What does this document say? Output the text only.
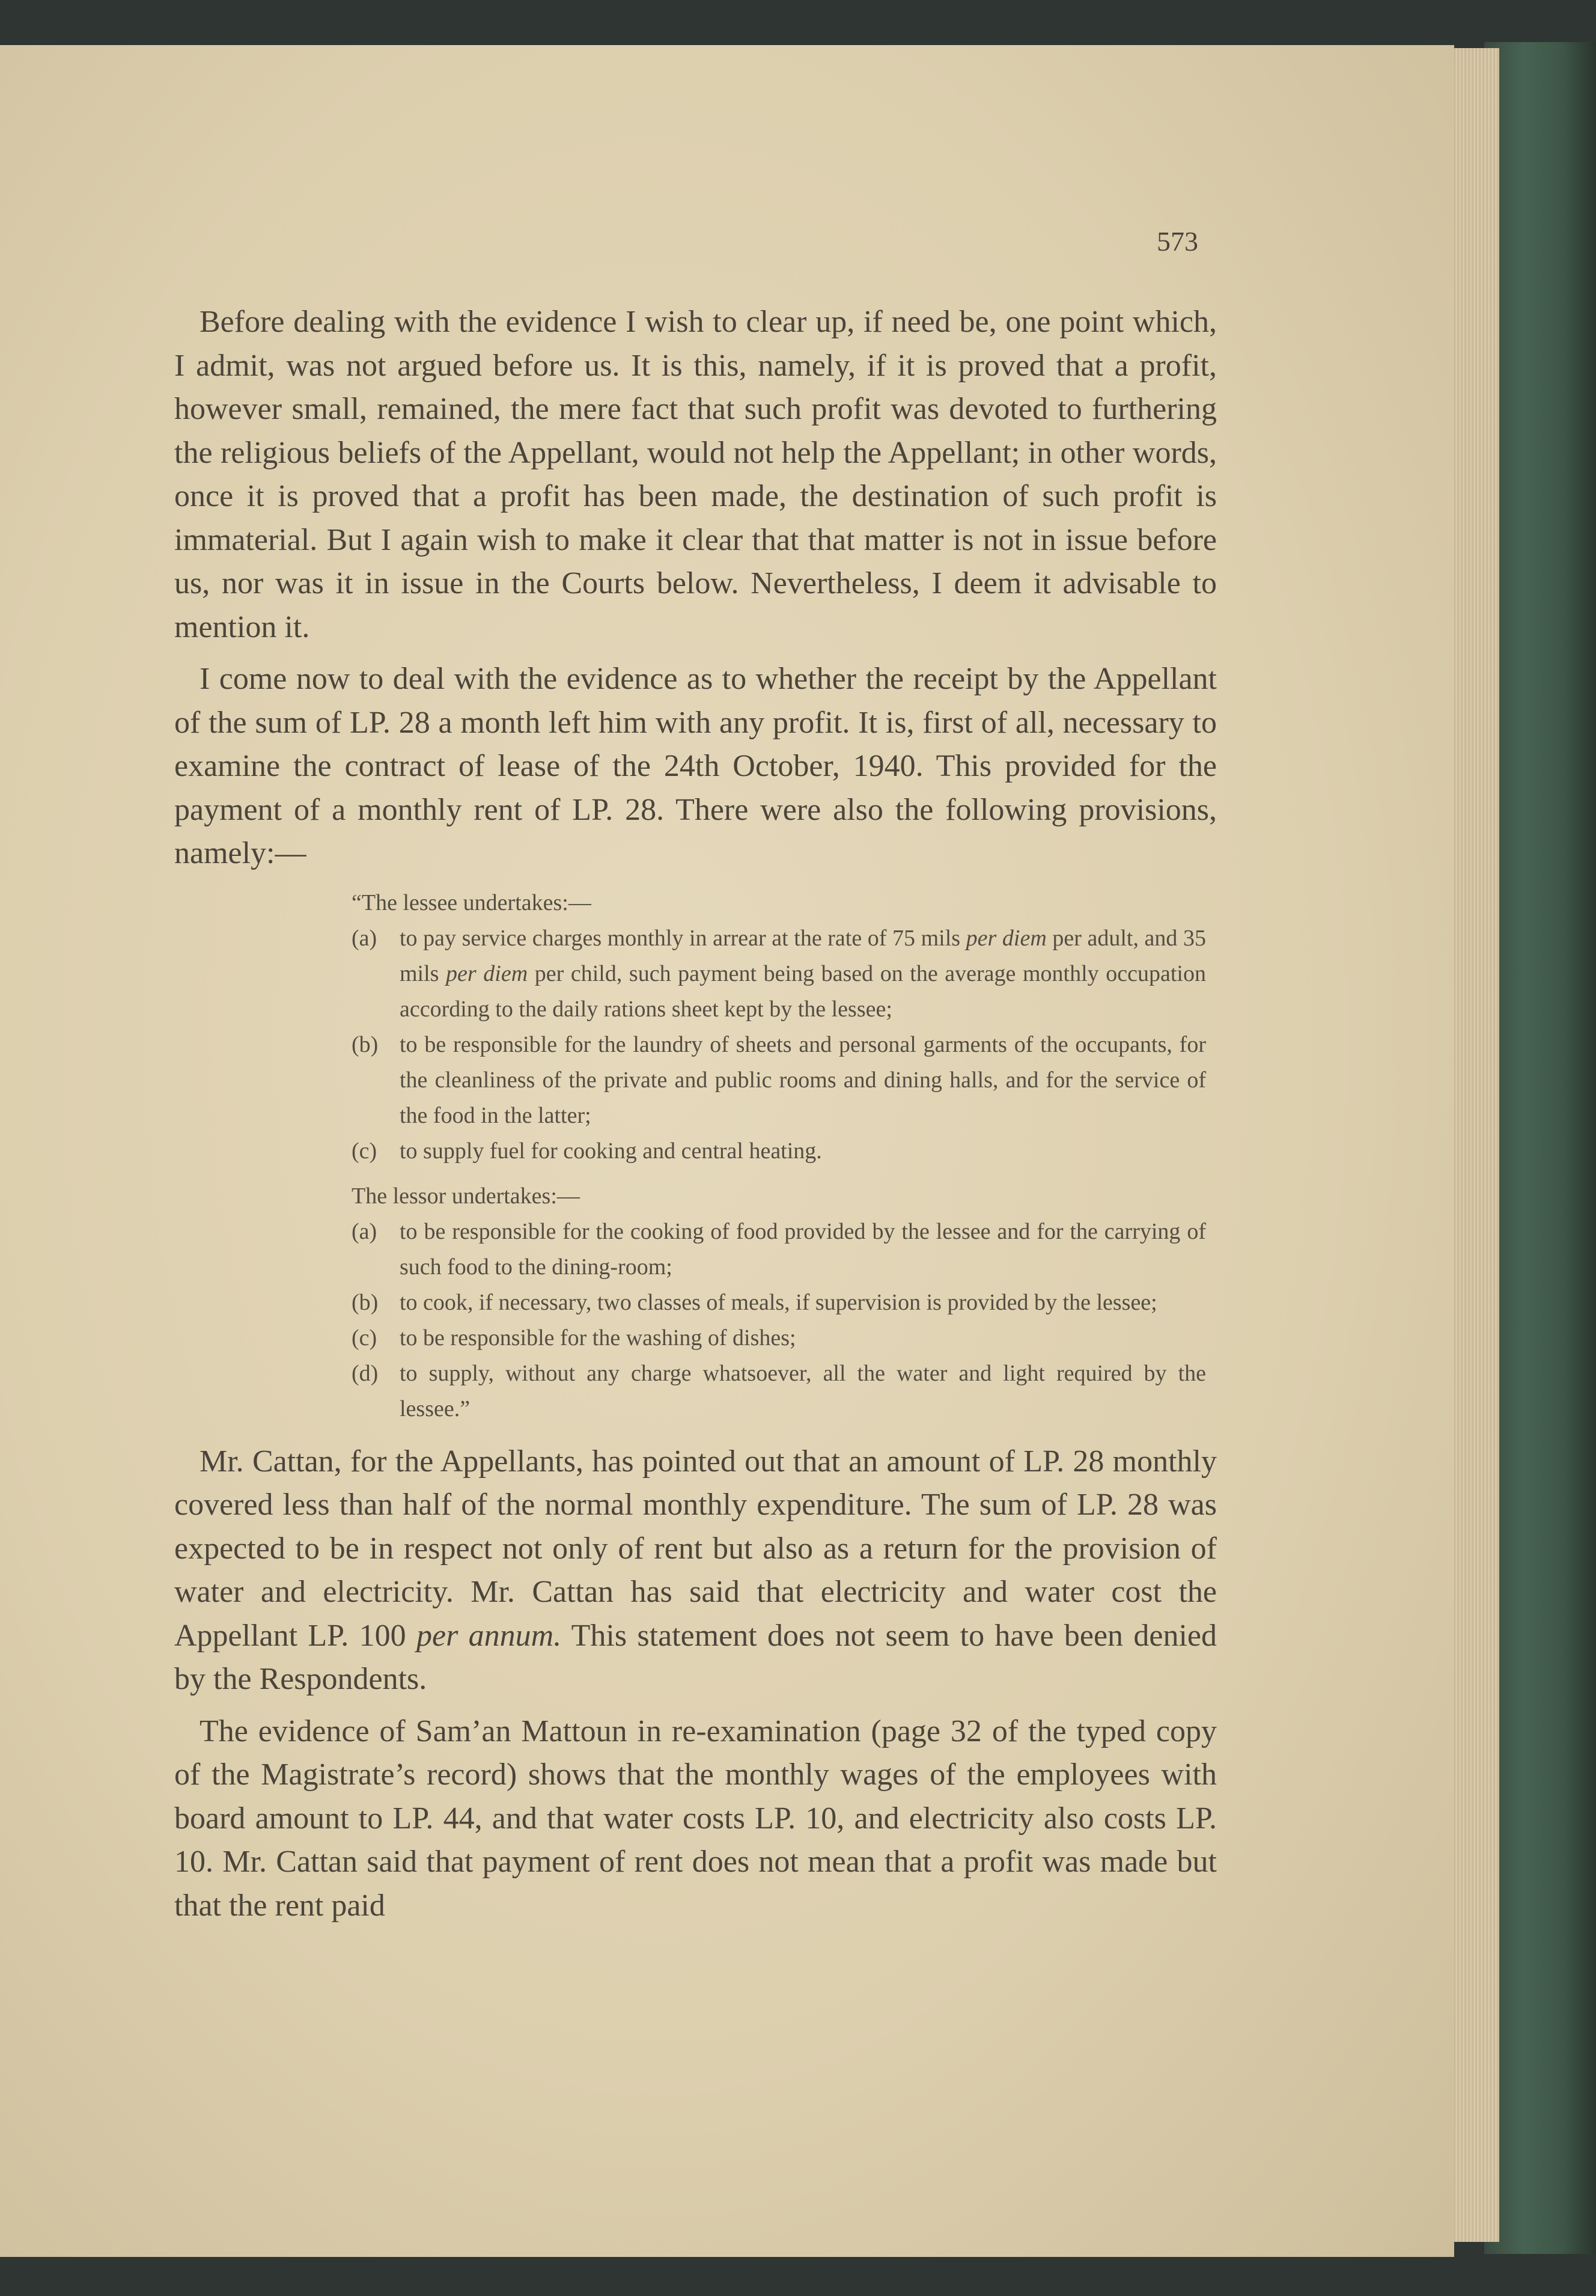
573

Before dealing with the evidence I wish to clear up, if need be, one point which, I admit, was not argued before us. It is this, namely, if it is proved that a profit, however small, remained, the mere fact that such profit was devoted to furthering the religious beliefs of the Appellant, would not help the Appellant; in other words, once it is proved that a profit has been made, the destination of such profit is immaterial. But I again wish to make it clear that that matter is not in issue before us, nor was it in issue in the Courts below. Nevertheless, I deem it advisable to mention it.

I come now to deal with the evidence as to whether the receipt by the Appellant of the sum of LP. 28 a month left him with any profit. It is, first of all, necessary to examine the contract of lease of the 24th October, 1940. This provided for the payment of a monthly rent of LP. 28. There were also the following provisions, namely:—

“The lessee undertakes:—
(a) to pay service charges monthly in arrear at the rate of 75 mils per diem per adult, and 35 mils per diem per child, such payment being based on the average monthly occupation according to the daily rations sheet kept by the lessee;
(b) to be responsible for the laundry of sheets and personal garments of the occupants, for the cleanliness of the private and public rooms and dining halls, and for the service of the food in the latter;
(c) to supply fuel for cooking and central heating.
The lessor undertakes:—
(a) to be responsible for the cooking of food provided by the lessee and for the carrying of such food to the dining-room;
(b) to cook, if necessary, two classes of meals, if supervision is provided by the lessee;
(c) to be responsible for the washing of dishes;
(d) to supply, without any charge whatsoever, all the water and light required by the lessee.”

Mr. Cattan, for the Appellants, has pointed out that an amount of LP. 28 monthly covered less than half of the normal monthly expenditure. The sum of LP. 28 was expected to be in respect not only of rent but also as a return for the provision of water and electricity. Mr. Cattan has said that electricity and water cost the Appellant LP. 100 per annum. This statement does not seem to have been denied by the Respondents.

The evidence of Sam’an Mattoun in re-examination (page 32 of the typed copy of the Magistrate’s record) shows that the monthly wages of the employees with board amount to LP. 44, and that water costs LP. 10, and electricity also costs LP. 10. Mr. Cattan said that payment of rent does not mean that a profit was made but that the rent paid
